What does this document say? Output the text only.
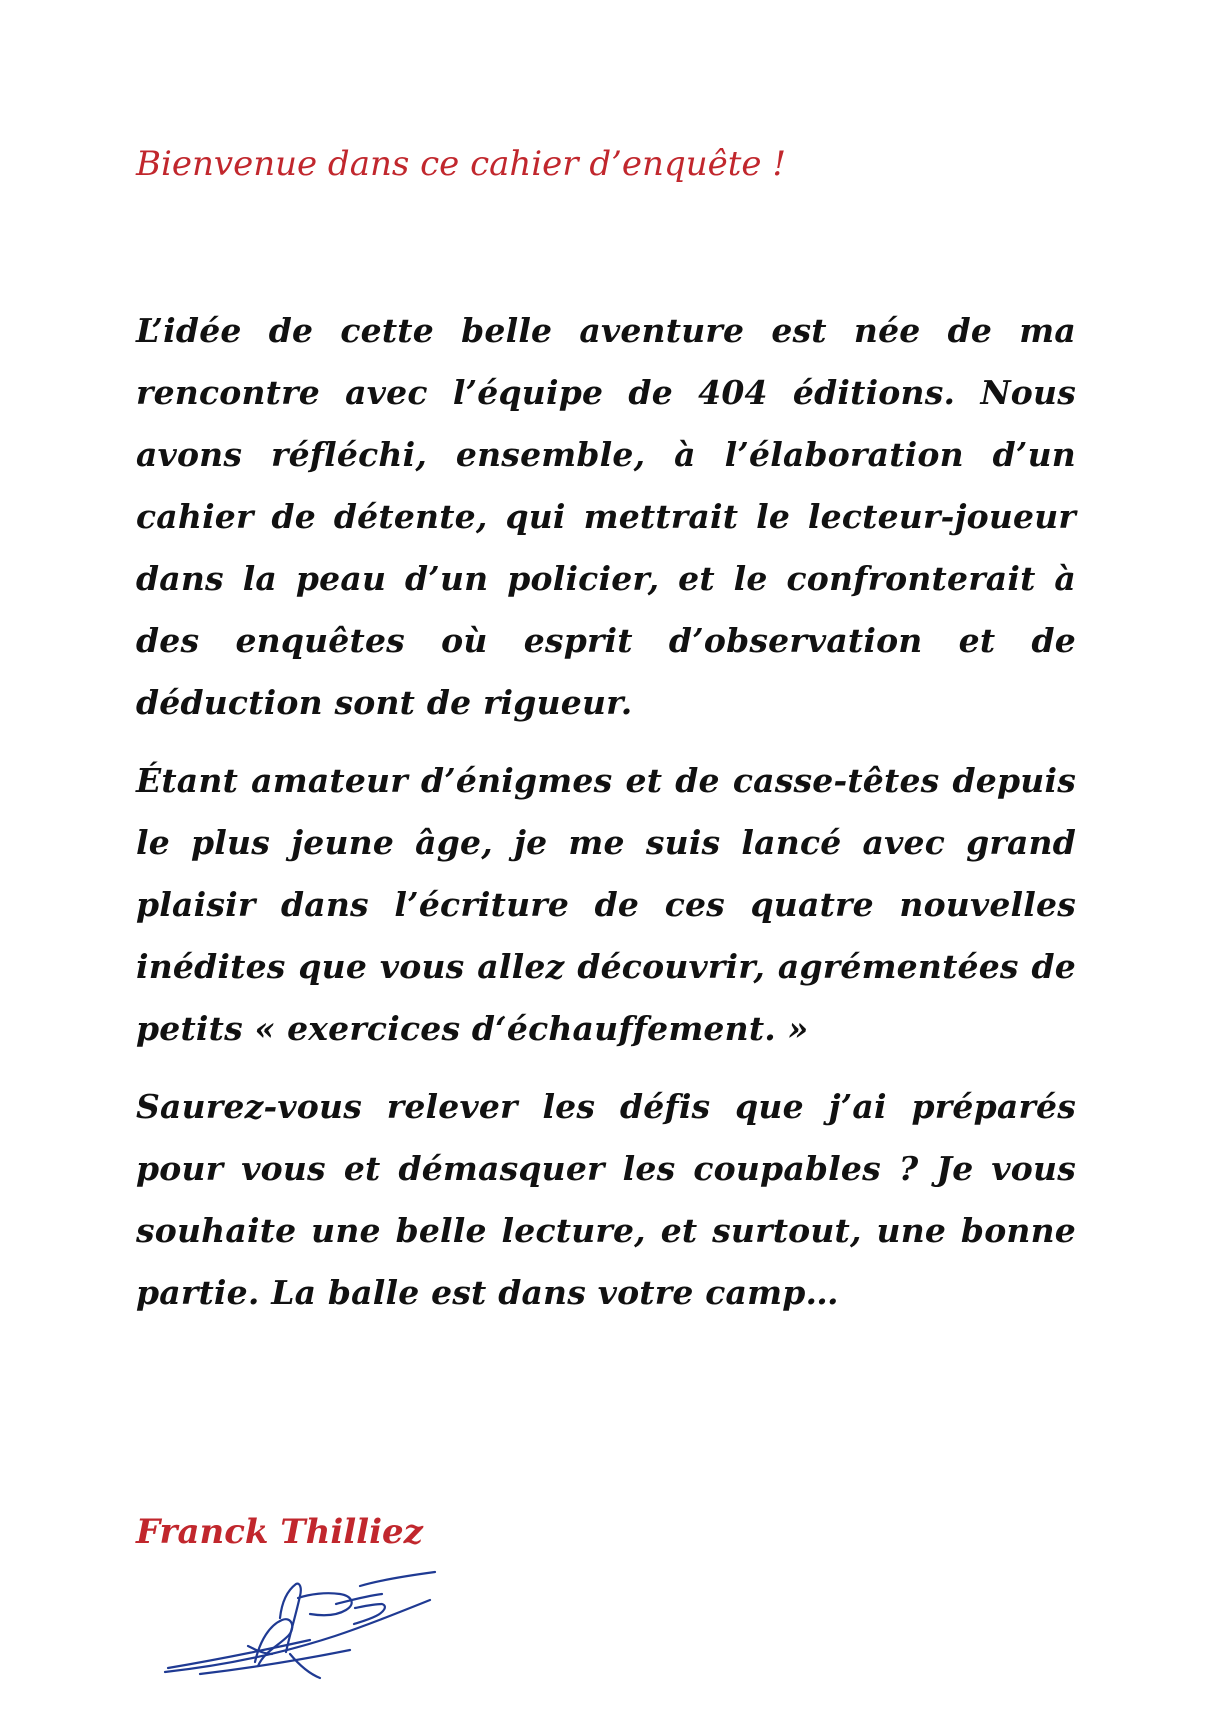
Bienvenue dans ce cahier d’enquête !

L’idée de cette belle aventure est née de ma rencontre avec l’équipe de 404 éditions. Nous avons réfléchi, ensemble, à l’élaboration d’un cahier de détente, qui mettrait le lecteur-joueur dans la peau d’un policier, et le confronterait à des enquêtes où esprit d’observation et de déduction sont de rigueur.

Étant amateur d’énigmes et de casse-têtes depuis le plus jeune âge, je me suis lancé avec grand plaisir dans l’écriture de ces quatre nouvelles inédites que vous allez découvrir, agrémentées de petits « exercices d‘échauffement. »

Saurez-vous relever les défis que j’ai préparés pour vous et démasquer les coupables ? Je vous souhaite une belle lecture, et surtout, une bonne partie. La balle est dans votre camp…

Franck Thilliez
